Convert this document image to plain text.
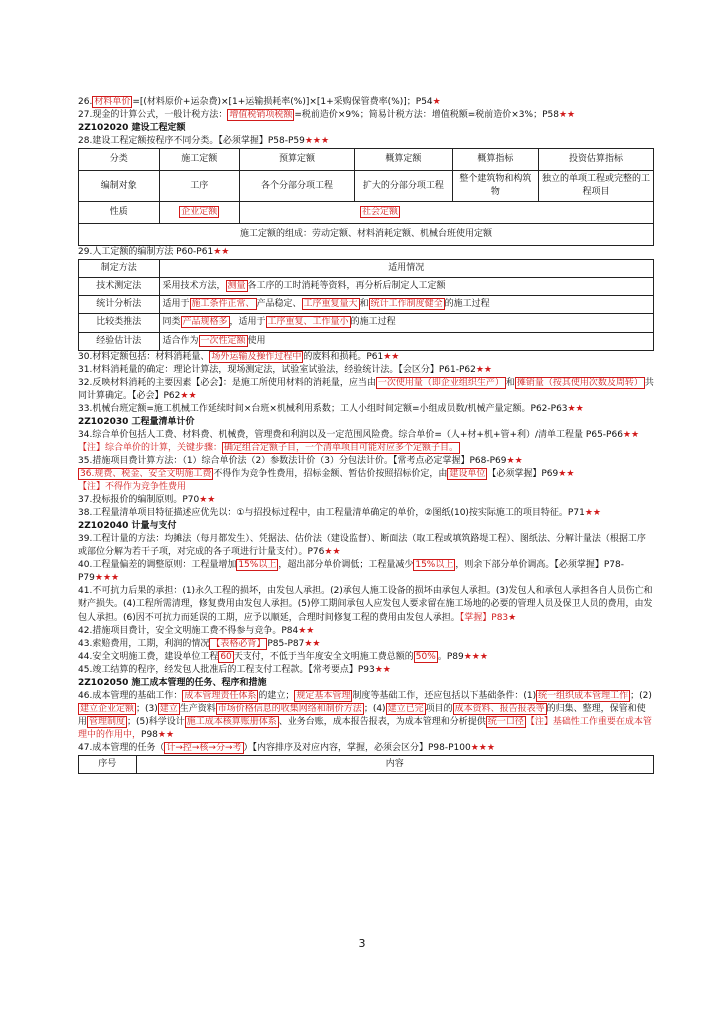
26. 材料单价 =[(材料原价+运杂费)×[1+运输损耗率(%)]×[1+采购保管费率(%)]；P54★
27.现金的计算公式，一般计税方法： 增值税销项税额 =税前造价×9%；简易计税方法：增值税额=税前造价×3%；P58★★
2Z102020 建设工程定额
28.建设工程定额按程序不同分类。【必须掌握】P58-P59★★★
分类	施工定额	预算定额	概算定额	概算指标	投资估算指标
编制对象	工序	各个分部分项工程	扩大的分部分项工程	整个建筑物和构筑物	独立的单项工程或完整的工程项目
性质	企业定额	社会定额			
施工定额的组成：劳动定额、材料消耗定额、机械台班使用定额					
29.人工定额的编制方法 P60-P61★★
制定方法	适用情况
技术测定法	采用技术方法， 测量 各工序的工时消耗等资料，再分析后制定人工定额
统计分析法	适用于 施工条件正常、 产品稳定、 工序重复量大 和 统计工作制度健全 的施工过程
比较类推法	同类 产品规格多 ，适用于 工序重复、工作量小 的施工过程
经验估计法	适合作为 一次性定额 使用
30.材料定额包括：材料消耗量、 场外运输及操作过程中 的废料和损耗。P61★★
31.材料消耗量的确定：理论计算法，现场测定法，试验室试验法，经验统计法。【会区分】P61-P62★★
32.反映材料消耗的主要因素【必会】：是施工所使用材料的消耗量，应当由 一次使用量（即企业组织生产） 和 摊销量（按其使用次数及周转） 共同计算确定。【必会】P62★★
33.机械台班定额=施工机械工作延续时间×台班×机械利用系数；工人小组时间定额=小组成员数/机械产量定额。P62-P63★★
2Z102030 工程量清单计价
34.综合单价包括人工费、材料费、机械费，管理费和利润以及一定范围风险费。综合单价=（人+材+机+管+利）/清单工程量 P65-P66★★
【注】综合单价的计算，关键步骤： 确定组合定额子目，一个清单项目可能对应多个定额子目。
35.措施项目费计算方法：（1）综合单价法（2）参数法计价（3）分包法计价。【常考点必定掌握】P68-P69★★
36.规费、税金、安全文明施工费 不得作为竞争性费用，招标金额、暂估价按照招标价定，由 建设单位 【必须掌握】P69★★
【注】不得作为竞争性费用
37.投标报价的编制原则。P70★★
38.工程量清单项目特征描述应优先以：①与招投标过程中，由工程量清单确定的单价，②图纸(10)按实际施工的项目特征。P71★★
2Z102040 计量与支付
39.工程计量的方法：均摊法（每月都发生）、凭据法、估价法（建设监督）、断面法（取工程或填筑路堤工程）、图纸法、分解计量法（根据工序或部位分解为若干子项，对完成的各子项进行计量支付）。P76★★
40.工程量偏差的调整原则：工程量增加 15%以上 ，超出部分单价调低；工程量减少 15%以上 ，则余下部分单价调高。【必须掌握】P78-P79★★★
41.不可抗力后果的承担：(1)永久工程的损坏，由发包人承担。(2)承包人施工设备的损坏由承包人承担。(3)发包人和承包人承担各自人员伤亡和财产损失。(4)工程所需清理，修复费用由发包人承担。(5)停工期间承包人应发包人要求留在施工场地的必要的管理人员及保卫人员的费用，由发包人承担。(6)因不可抗力而延误的工期，应予以顺延，合理时间修复工程的费用由发包人承担。【掌握】P83★
42.措施项目费计，安全文明施工费不得参与竞争。P84★★
43.索赔费用，工期，利润的情况 【表格必背】 P85-P87★★
44.安全文明施工费，建设单位工程 60 天支付，不低于当年度安全文明施工费总额的 50% 。P89★★★
45.竣工结算的程序，经发包人批准后的工程支付工程款。【常考要点】P93★★
2Z102050 施工成本管理的任务、程序和措施
46.成本管理的基础工作： 成本管理责任体系 的建立； 规定基本管理 制度等基础工作，还应包括以下基础条件：(1) 统一组织成本管理工作 ；(2)建立企业定额 ；(3) 建立 生产资料 市场价格信息的收集网络和制价方法 ；(4) 建立已完 项目的 成本资料、报告报表等 的归集、整理，保管和使用 管理制度 ；(5)科学设计 施工成本核算账册体系 、业务台账，成本报告报表，为成本管理和分析提供 统一口径 【注】基础性工作重要在成本管理中的作用中，P98★★
47.成本管理的任务（ 计→控→核→分→考 ）【内容排序及对应内容，掌握，必须会区分】P98-P100★★★
序号	内容
3
